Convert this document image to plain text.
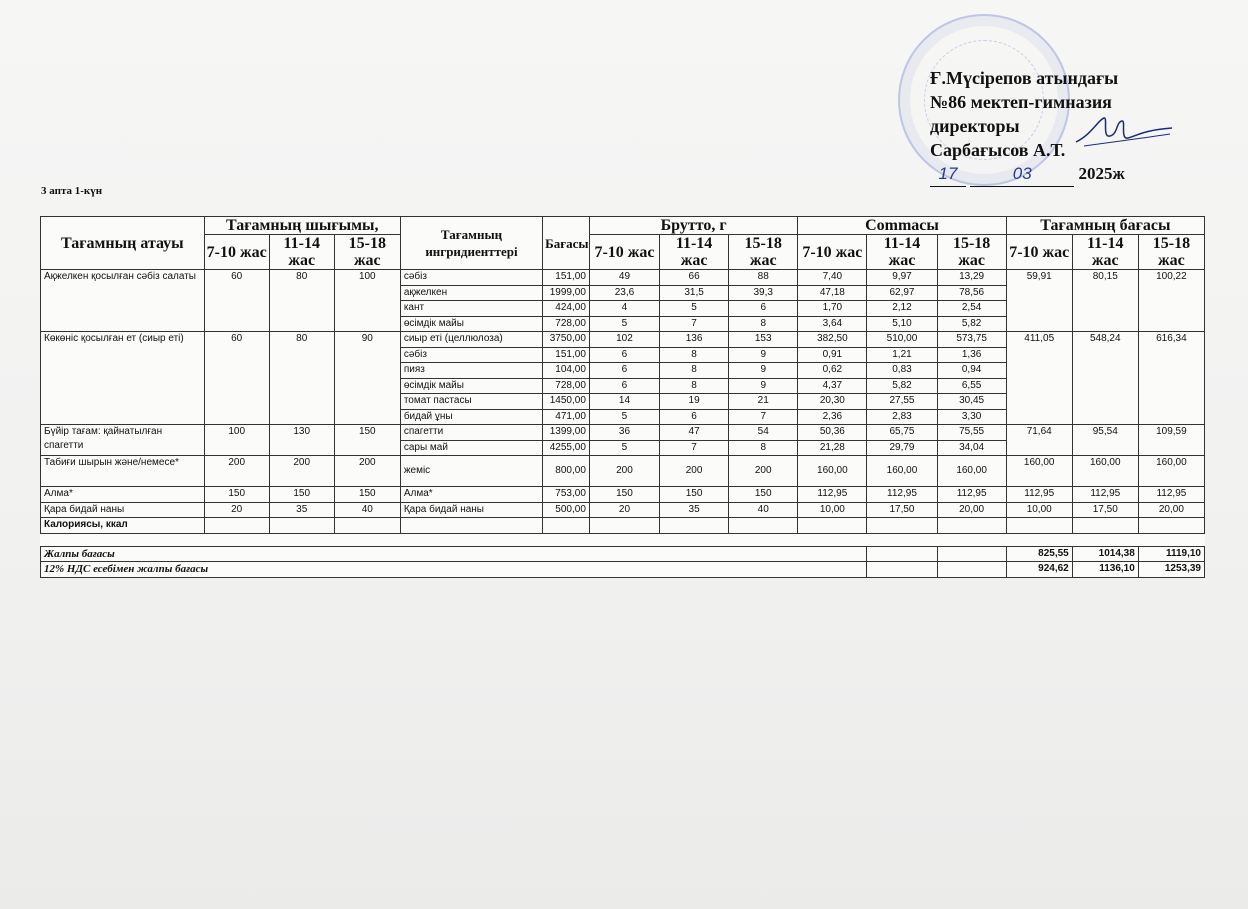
Ғ.Мүсірепов атындағы
№86 мектеп-гимназия
директоры
Сарбағысов А.Т.
17	03	2025ж
3 апта 1-күн
Тағамның атауы	Тағамның шығымы,			Тағамның ингридиенттері	Бағасы	Брутто, г			Сommасы			Тағамның бағасы		
	7-10 жас	11-14 жас	15-18 жас			7-10 жас	11-14 жас	15-18 жас	7-10 жас	11-14 жас	15-18 жас	7-10 жас	11-14 жас	15-18 жас
Ақжелкен қосылған сәбіз салаты	60	80	100	сәбіз	151,00	49	66	88	7,40	9,97	13,29	59,91	80,15	100,22
				ақжелкен	1999,00	23,6	31,5	39,3	47,18	62,97	78,56			
				кант	424,00	4	5	6	1,70	2,12	2,54			
				өсімдік майы	728,00	5	7	8	3,64	5,10	5,82			
Көкөніс қосылған ет (сиыр еті)	60	80	90	сиыр еті (целлюлоза)	3750,00	102	136	153	382,50	510,00	573,75	411,05	548,24	616,34
				сәбіз	151,00	6	8	9	0,91	1,21	1,36			
				пияз	104,00	6	8	9	0,62	0,83	0,94			
				өсімдік майы	728,00	6	8	9	4,37	5,82	6,55			
				томат пастасы	1450,00	14	19	21	20,30	27,55	30,45			
				бидай ұны	471,00	5	6	7	2,36	2,83	3,30			
Бүйір тағам: қайнатылған спагетти	100	130	150	спагетти	1399,00	36	47	54	50,36	65,75	75,55	71,64	95,54	109,59
				сары май	4255,00	5	7	8	21,28	29,79	34,04			
Табиғи шырын және/немесе*	200	200	200	жеміс	800,00	200	200	200	160,00	160,00	160,00	160,00	160,00	160,00
Алма*	150	150	150	Алма*	753,00	150	150	150	112,95	112,95	112,95	112,95	112,95	112,95
Қара бидай наны	20	35	40	Қара бидай наны	500,00	20	35	40	10,00	17,50	20,00	10,00	17,50	20,00
Калориясы, ккал														

Жалпы бағасы												825,55	1014,38	1119,10
12% НДС есебімен жалпы бағасы												924,62	1136,10	1253,39
